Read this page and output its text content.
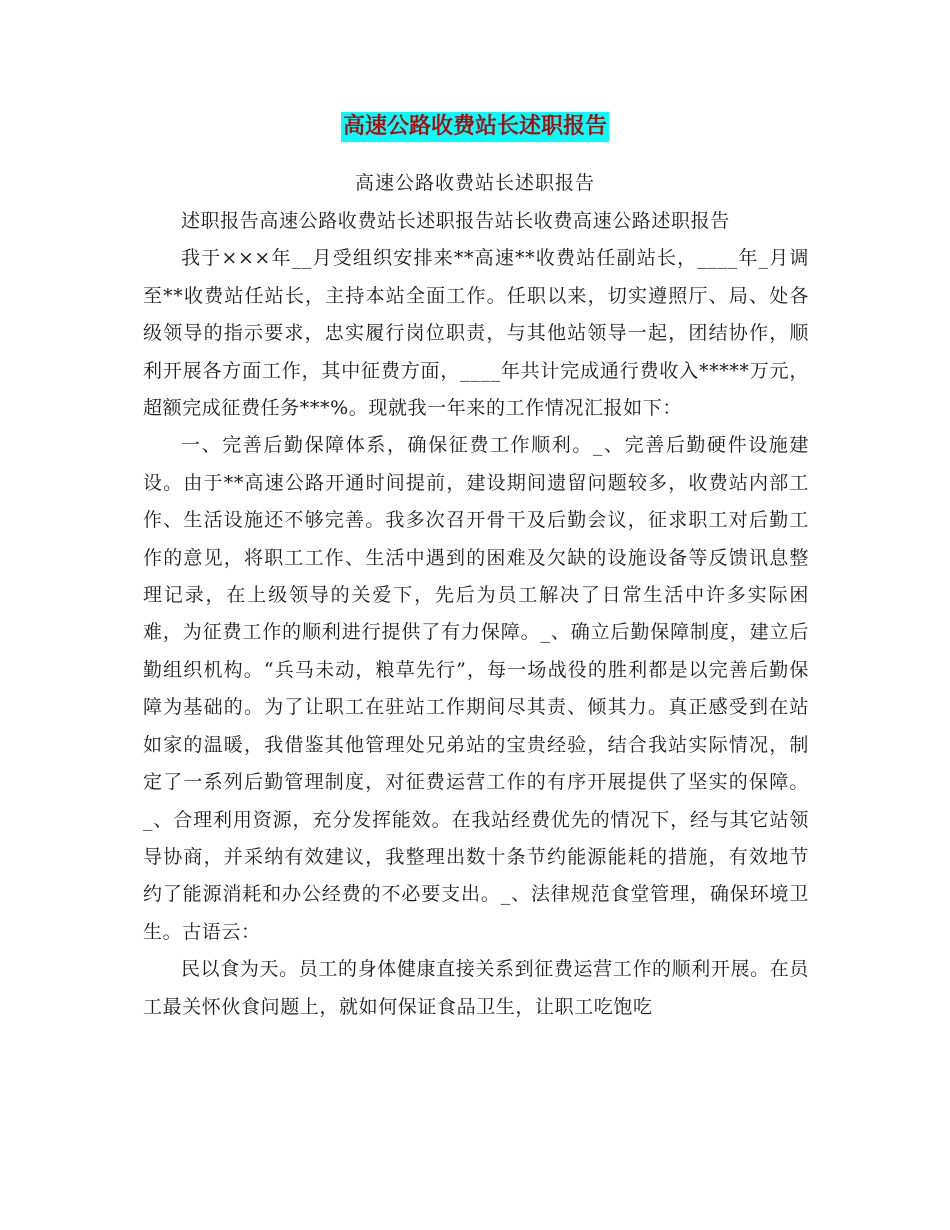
高速公路收费站长述职报告
高速公路收费站长述职报告

述职报告高速公路收费站长述职报告站长收费高速公路述职报告

我于×××年__月受组织安排来**高速**收费站任副站长，____年_月调至**收费站任站长，主持本站全面工作。任职以来，切实遵照厅、局、处各级领导的指示要求，忠实履行岗位职责，与其他站领导一起，团结协作，顺利开展各方面工作，其中征费方面，____年共计完成通行费收入*****万元，超额完成征费任务***%。现就我一年来的工作情况汇报如下：

一、完善后勤保障体系，确保征费工作顺利。_、完善后勤硬件设施建设。由于**高速公路开通时间提前，建设期间遗留问题较多，收费站内部工作、生活设施还不够完善。我多次召开骨干及后勤会议，征求职工对后勤工作的意见，将职工工作、生活中遇到的困难及欠缺的设施设备等反馈讯息整理记录，在上级领导的关爱下，先后为员工解决了日常生活中许多实际困难，为征费工作的顺利进行提供了有力保障。_、确立后勤保障制度，建立后勤组织机构。“兵马未动，粮草先行”，每一场战役的胜利都是以完善后勤保障为基础的。为了让职工在驻站工作期间尽其责、倾其力。真正感受到在站如家的温暖，我借鉴其他管理处兄弟站的宝贵经验，结合我站实际情况，制定了一系列后勤管理制度，对征费运营工作的有序开展提供了坚实的保障。_、合理利用资源，充分发挥能效。在我站经费优先的情况下，经与其它站领导协商，并采纳有效建议，我整理出数十条节约能源能耗的措施，有效地节约了能源消耗和办公经费的不必要支出。_、法律规范食堂管理，确保环境卫生。古语云：

民以食为天。员工的身体健康直接关系到征费运营工作的顺利开展。在员工最关怀伙食问题上，就如何保证食品卫生，让职工吃饱吃
